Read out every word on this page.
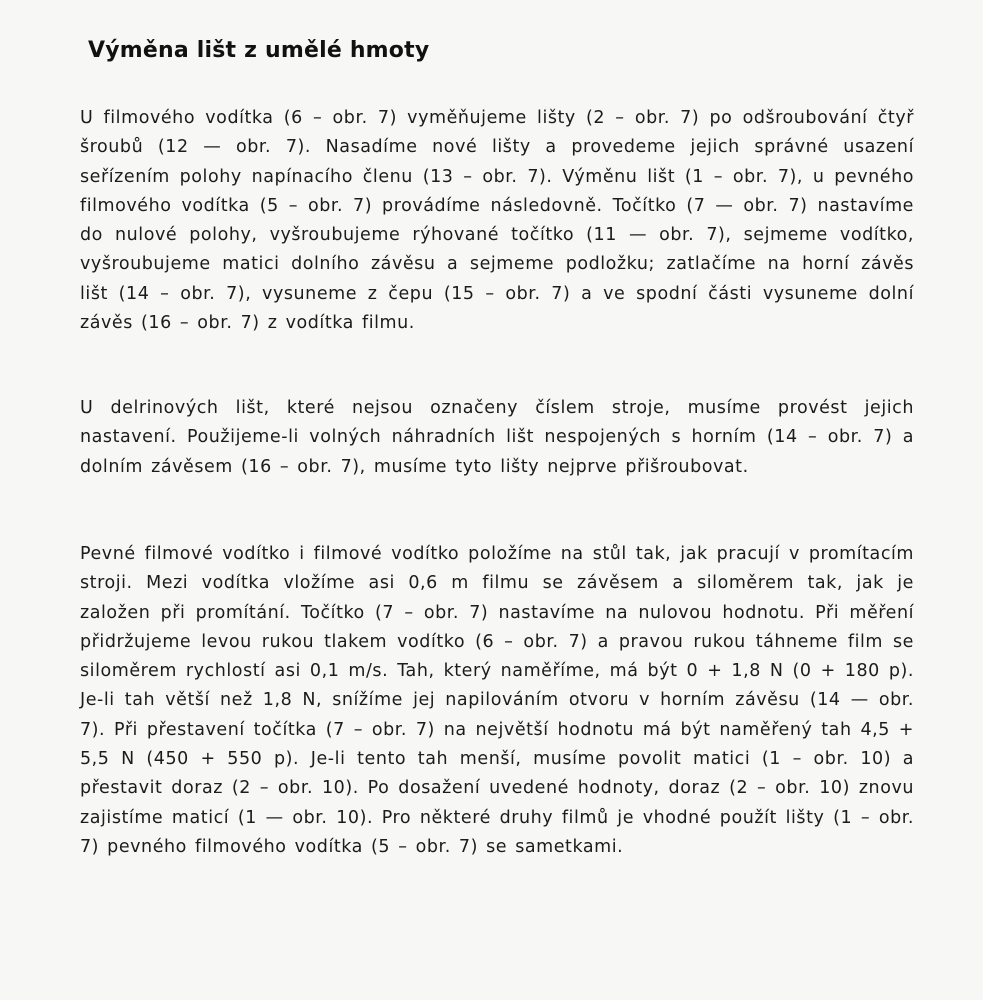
Výměna lišt z umělé hmoty

U filmového vodítka (6 – obr. 7) vyměňujeme lišty (2 – obr. 7) po odšroubování čtyř šroubů (12 — obr. 7). Nasadíme nové lišty a provedeme jejich správné usazení seřízením polohy napínacího členu (13 – obr. 7). Výměnu lišt (1 – obr. 7), u pevného filmového vodítka (5 – obr. 7) provádíme následovně. Točítko (7 — obr. 7) nastavíme do nulové polohy, vyšroubujeme rýhované točítko (11 — obr. 7), sejmeme vodítko, vyšroubujeme matici dolního závěsu a sejmeme podložku; zatlačíme na horní závěs lišt (14 – obr. 7), vysuneme z čepu (15 – obr. 7) a ve spodní části vysuneme dolní závěs (16 – obr. 7) z vodítka filmu.

U delrinových lišt, které nejsou označeny číslem stroje, musíme provést jejich nastavení. Použijeme-li volných náhradních lišt nespojených s horním (14 – obr. 7) a dolním závěsem (16 – obr. 7), musíme tyto lišty nejprve přišroubovat.

Pevné filmové vodítko i filmové vodítko položíme na stůl tak, jak pracují v promítacím stroji. Mezi vodítka vložíme asi 0,6 m filmu se závěsem a siloměrem tak, jak je založen při promítání. Točítko (7 – obr. 7) nastavíme na nulovou hodnotu. Při měření přidržujeme levou rukou tlakem vodítko (6 – obr. 7) a pravou rukou táhneme film se siloměrem rychlostí asi 0,1 m/s. Tah, který naměříme, má být 0 + 1,8 N (0 + 180 p). Je-li tah větší než 1,8 N, snížíme jej napilováním otvoru v horním závěsu (14 — obr. 7). Při přestavení točítka (7 – obr. 7) na největší hodnotu má být naměřený tah 4,5 + 5,5 N (450 + 550 p). Je-li tento tah menší, musíme povolit matici (1 – obr. 10) a přestavit doraz (2 – obr. 10). Po dosažení uvedené hodnoty, doraz (2 – obr. 10) znovu zajistíme maticí (1 — obr. 10). Pro některé druhy filmů je vhodné použít lišty (1 – obr. 7) pevného filmového vodítka (5 – obr. 7) se sametkami.
